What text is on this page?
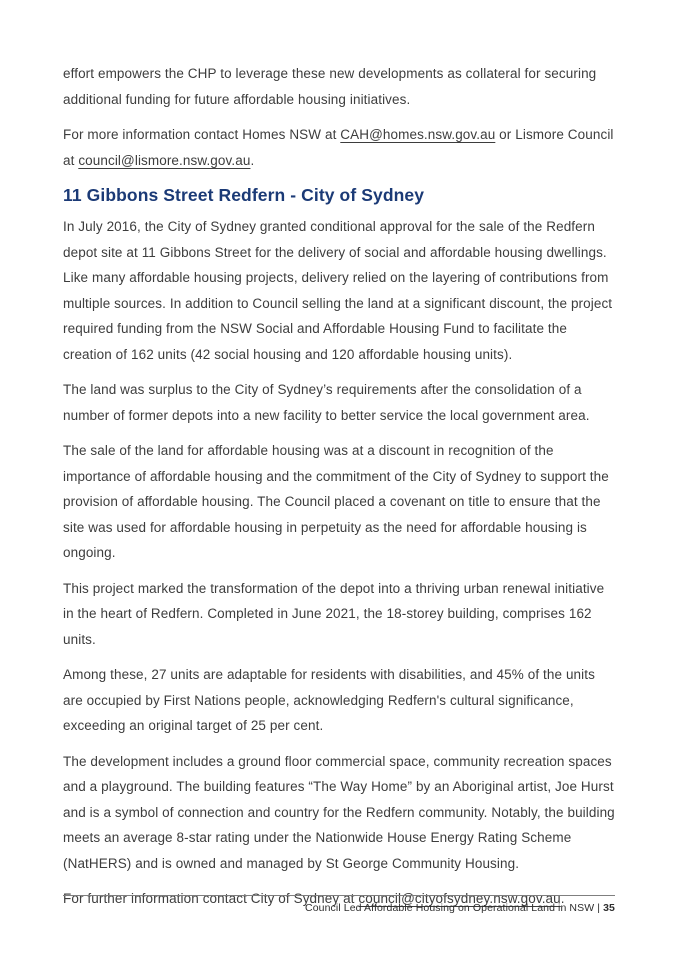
effort empowers the CHP to leverage these new developments as collateral for securing additional funding for future affordable housing initiatives.

For more information contact Homes NSW at CAH@homes.nsw.gov.au or Lismore Council at council@lismore.nsw.gov.au.

11 Gibbons Street Redfern - City of Sydney

In July 2016, the City of Sydney granted conditional approval for the sale of the Redfern depot site at 11 Gibbons Street for the delivery of social and affordable housing dwellings. Like many affordable housing projects, delivery relied on the layering of contributions from multiple sources. In addition to Council selling the land at a significant discount, the project required funding from the NSW Social and Affordable Housing Fund to facilitate the creation of 162 units (42 social housing and 120 affordable housing units).

The land was surplus to the City of Sydney’s requirements after the consolidation of a number of former depots into a new facility to better service the local government area.

The sale of the land for affordable housing was at a discount in recognition of the importance of affordable housing and the commitment of the City of Sydney to support the provision of affordable housing. The Council placed a covenant on title to ensure that the site was used for affordable housing in perpetuity as the need for affordable housing is ongoing.

This project marked the transformation of the depot into a thriving urban renewal initiative in the heart of Redfern. Completed in June 2021, the 18-storey building, comprises 162 units.

Among these, 27 units are adaptable for residents with disabilities, and 45% of the units are occupied by First Nations people, acknowledging Redfern's cultural significance, exceeding an original target of 25 per cent.

The development includes a ground floor commercial space, community recreation spaces and a playground. The building features “The Way Home” by an Aboriginal artist, Joe Hurst and is a symbol of connection and country for the Redfern community. Notably, the building meets an average 8-star rating under the Nationwide House Energy Rating Scheme (NatHERS) and is owned and managed by St George Community Housing.

For further information contact City of Sydney at council@cityofsydney.nsw.gov.au.

Council Led Affordable Housing on Operational Land in NSW | 35
